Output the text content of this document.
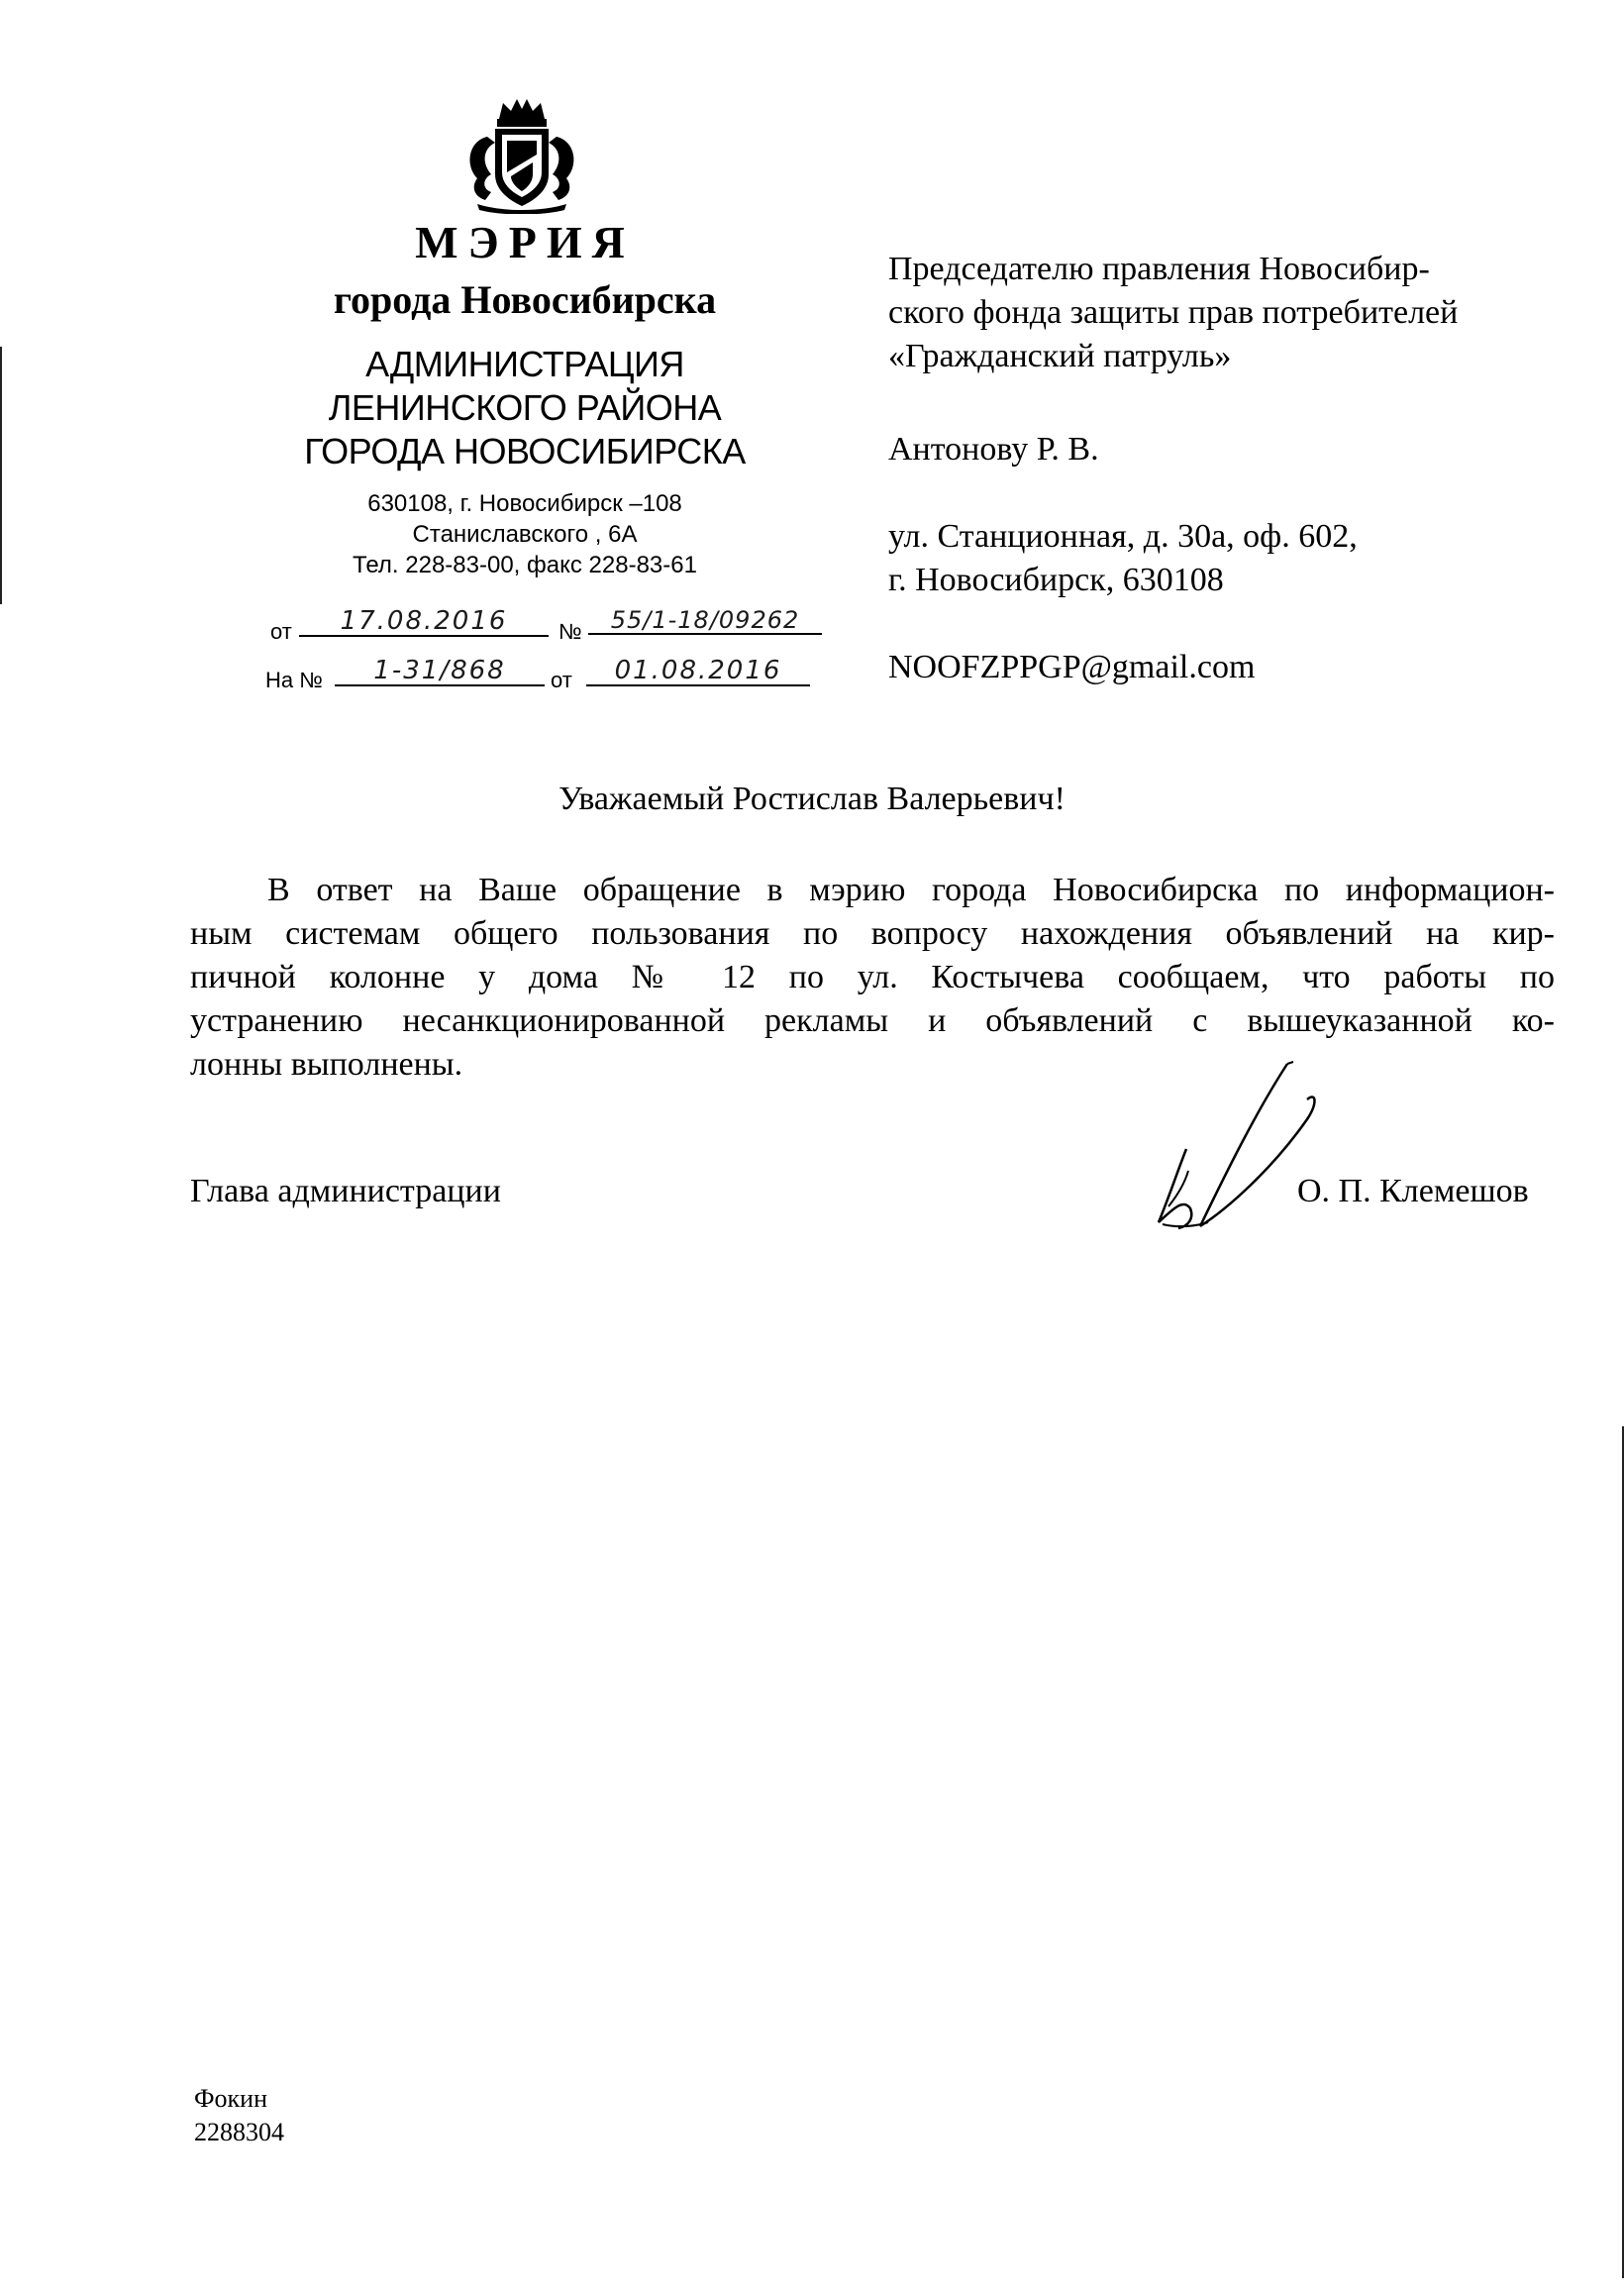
МЭРИЯ
города Новосибирска
АДМИНИСТРАЦИЯ
ЛЕНИНСКОГО РАЙОНА
ГОРОДА НОВОСИБИРСКА
630108, г. Новосибирск –108
Станиславского , 6А
Тел. 228-83-00, факс 228-83-61
от	17.08.2016	№	55/1-18/09262
На №	1-31/868	от	01.08.2016
Председателю правления Новосибир-
ского фонда защиты прав потребителей
«Гражданский патруль»
Антонову Р. В.
ул. Станционная, д. 30а, оф. 602,
г. Новосибирск, 630108
NOOFZPPGP@gmail.com
Уважаемый Ростислав Валерьевич!
В ответ на Ваше обращение в мэрию города Новосибирска по информацион-
ным системам общего пользования по вопросу нахождения объявлений на кир-
пичной колонне у дома № 12 по ул. Костычева сообщаем, что работы по
устранению несанкционированной рекламы и объявлений с вышеуказанной ко-
лонны выполнены.
Глава администрации	О. П. Клемешов
Фокин
2288304
